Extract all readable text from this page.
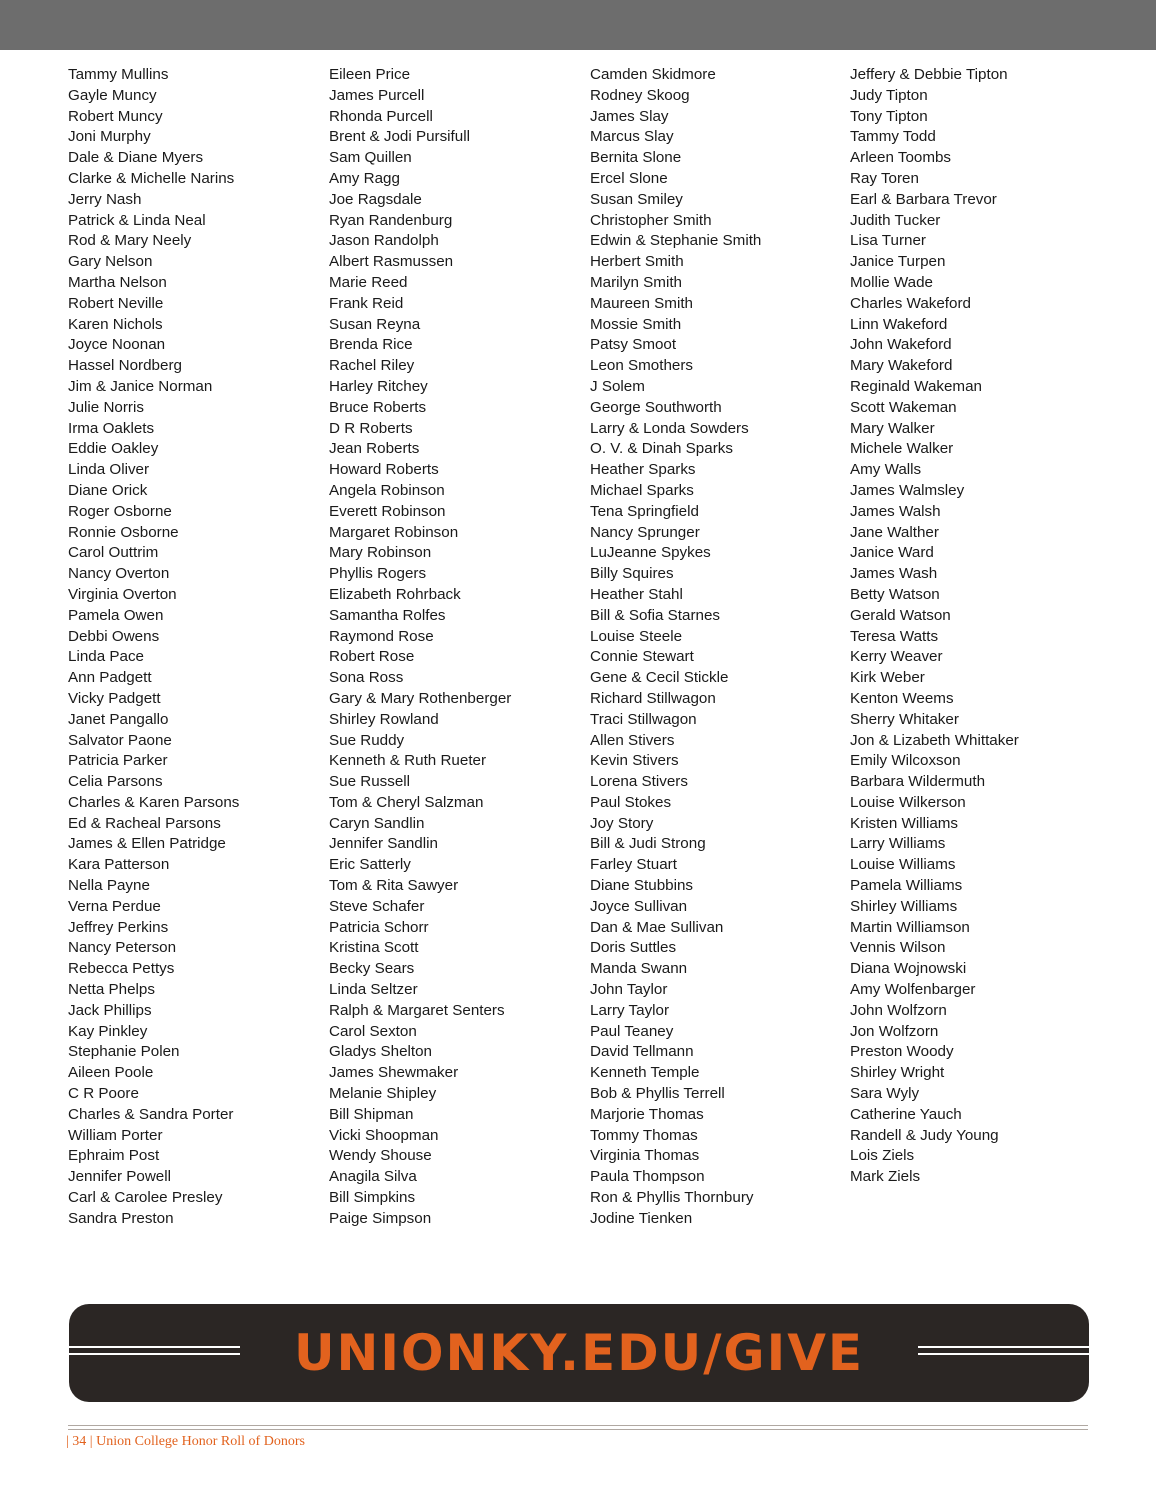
Tammy Mullins
Gayle Muncy
Robert Muncy
Joni Murphy
Dale & Diane Myers
Clarke & Michelle Narins
Jerry Nash
Patrick & Linda Neal
Rod & Mary Neely
Gary Nelson
Martha Nelson
Robert Neville
Karen Nichols
Joyce Noonan
Hassel Nordberg
Jim & Janice Norman
Julie Norris
Irma Oaklets
Eddie Oakley
Linda Oliver
Diane Orick
Roger Osborne
Ronnie Osborne
Carol Outtrim
Nancy Overton
Virginia Overton
Pamela Owen
Debbi Owens
Linda Pace
Ann Padgett
Vicky Padgett
Janet Pangallo
Salvator Paone
Patricia Parker
Celia Parsons
Charles & Karen Parsons
Ed & Racheal Parsons
James & Ellen Patridge
Kara Patterson
Nella Payne
Verna Perdue
Jeffrey Perkins
Nancy Peterson
Rebecca Pettys
Netta Phelps
Jack Phillips
Kay Pinkley
Stephanie Polen
Aileen Poole
C R Poore
Charles & Sandra Porter
William Porter
Ephraim Post
Jennifer Powell
Carl & Carolee Presley
Sandra Preston
Eileen Price
James Purcell
Rhonda Purcell
Brent & Jodi Pursifull
Sam Quillen
Amy Ragg
Joe Ragsdale
Ryan Randenburg
Jason Randolph
Albert Rasmussen
Marie Reed
Frank Reid
Susan Reyna
Brenda Rice
Rachel Riley
Harley Ritchey
Bruce Roberts
D R Roberts
Jean Roberts
Howard Roberts
Angela Robinson
Everett Robinson
Margaret Robinson
Mary Robinson
Phyllis Rogers
Elizabeth Rohrback
Samantha Rolfes
Raymond Rose
Robert Rose
Sona Ross
Gary & Mary Rothenberger
Shirley Rowland
Sue Ruddy
Kenneth & Ruth Rueter
Sue Russell
Tom & Cheryl Salzman
Caryn Sandlin
Jennifer Sandlin
Eric Satterly
Tom & Rita Sawyer
Steve Schafer
Patricia Schorr
Kristina Scott
Becky Sears
Linda Seltzer
Ralph & Margaret Senters
Carol Sexton
Gladys Shelton
James Shewmaker
Melanie Shipley
Bill Shipman
Vicki Shoopman
Wendy Shouse
Anagila Silva
Bill Simpkins
Paige Simpson
Camden Skidmore
Rodney Skoog
James Slay
Marcus Slay
Bernita Slone
Ercel Slone
Susan Smiley
Christopher Smith
Edwin & Stephanie Smith
Herbert Smith
Marilyn Smith
Maureen Smith
Mossie Smith
Patsy Smoot
Leon Smothers
J Solem
George Southworth
Larry & Londa Sowders
O. V. & Dinah Sparks
Heather Sparks
Michael Sparks
Tena Springfield
Nancy Sprunger
LuJeanne Spykes
Billy Squires
Heather Stahl
Bill & Sofia Starnes
Louise Steele
Connie Stewart
Gene & Cecil Stickle
Richard Stillwagon
Traci Stillwagon
Allen Stivers
Kevin Stivers
Lorena Stivers
Paul Stokes
Joy Story
Bill & Judi Strong
Farley Stuart
Diane Stubbins
Joyce Sullivan
Dan & Mae Sullivan
Doris Suttles
Manda Swann
John Taylor
Larry Taylor
Paul Teaney
David Tellmann
Kenneth Temple
Bob & Phyllis Terrell
Marjorie Thomas
Tommy Thomas
Virginia Thomas
Paula Thompson
Ron & Phyllis Thornbury
Jodine Tienken
Jeffery & Debbie Tipton
Judy Tipton
Tony Tipton
Tammy Todd
Arleen Toombs
Ray Toren
Earl & Barbara Trevor
Judith Tucker
Lisa Turner
Janice Turpen
Mollie Wade
Charles Wakeford
Linn Wakeford
John Wakeford
Mary Wakeford
Reginald Wakeman
Scott Wakeman
Mary Walker
Michele Walker
Amy Walls
James Walmsley
James Walsh
Jane Walther
Janice Ward
James Wash
Betty Watson
Gerald Watson
Teresa Watts
Kerry Weaver
Kirk Weber
Kenton Weems
Sherry Whitaker
Jon & Lizabeth Whittaker
Emily Wilcoxson
Barbara Wildermuth
Louise Wilkerson
Kristen Williams
Larry Williams
Louise Williams
Pamela Williams
Shirley Williams
Martin Williamson
Vennis Wilson
Diana Wojnowski
Amy Wolfenbarger
John Wolfzorn
Jon Wolfzorn
Preston Woody
Shirley Wright
Sara Wyly
Catherine Yauch
Randell & Judy Young
Lois Ziels
Mark Ziels
UNIONKY.EDU/GIVE
| 34 | Union College Honor Roll of Donors
